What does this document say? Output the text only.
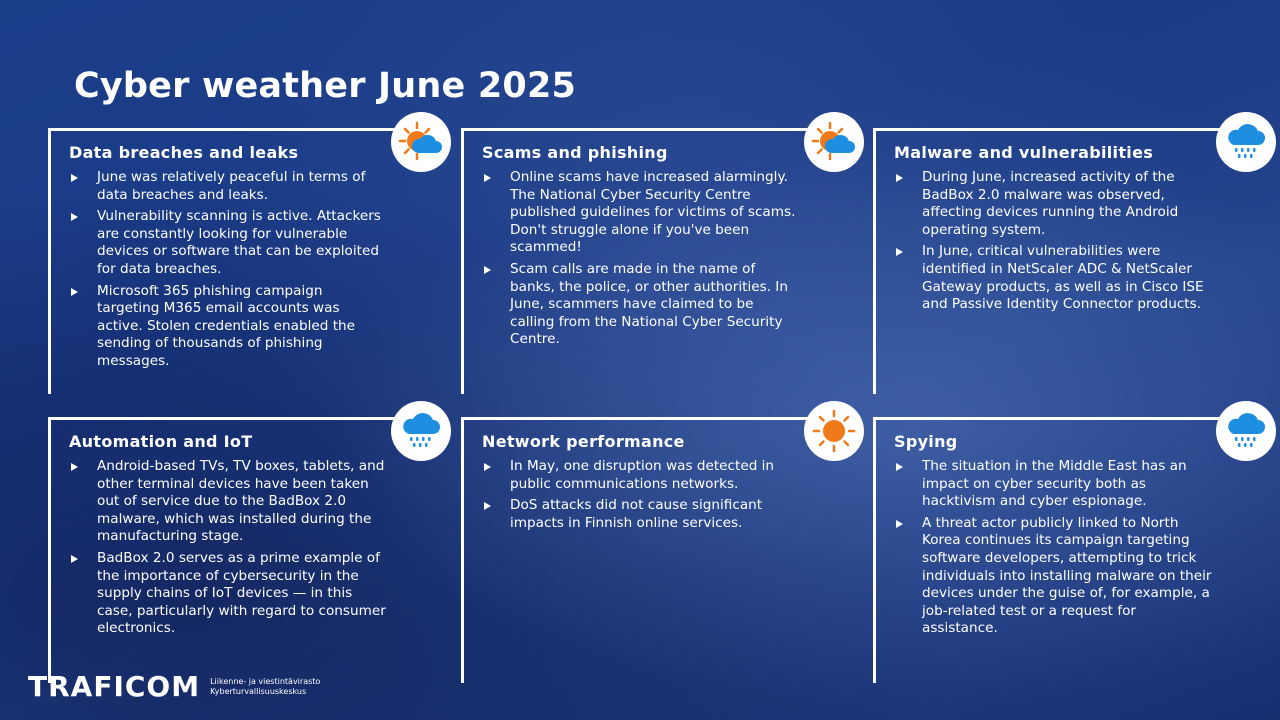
Cyber weather June 2025
Data breaches and leaks
June was relatively peaceful in terms of data breaches and leaks.
Vulnerability scanning is active. Attackers are constantly looking for vulnerable devices or software that can be exploited for data breaches.
Microsoft 365 phishing campaign targeting M365 email accounts was active. Stolen credentials enabled the sending of thousands of phishing messages.
Scams and phishing
Online scams have increased alarmingly. The National Cyber Security Centre published guidelines for victims of scams. Don't struggle alone if you've been scammed!
Scam calls are made in the name of banks, the police, or other authorities. In June, scammers have claimed to be calling from the National Cyber Security Centre.
Malware and vulnerabilities
During June, increased activity of the BadBox 2.0 malware was observed, affecting devices running the Android operating system.
In June, critical vulnerabilities were identified in NetScaler ADC & NetScaler Gateway products, as well as in Cisco ISE and Passive Identity Connector products.
Automation and IoT
Android-based TVs, TV boxes, tablets, and other terminal devices have been taken out of service due to the BadBox 2.0 malware, which was installed during the manufacturing stage.
BadBox 2.0 serves as a prime example of the importance of cybersecurity in the supply chains of IoT devices — in this case, particularly with regard to consumer electronics.
Network performance
In May, one disruption was detected in public communications networks.
DoS attacks did not cause significant impacts in Finnish online services.
Spying
The situation in the Middle East has an impact on cyber security both as hacktivism and cyber espionage.
A threat actor publicly linked to North Korea continues its campaign targeting software developers, attempting to trick individuals into installing malware on their devices under the guise of, for example, a job-related test or a request for assistance.
TRAFICOM Liikenne- ja viestintävirasto
Kyberturvallisuuskeskus
